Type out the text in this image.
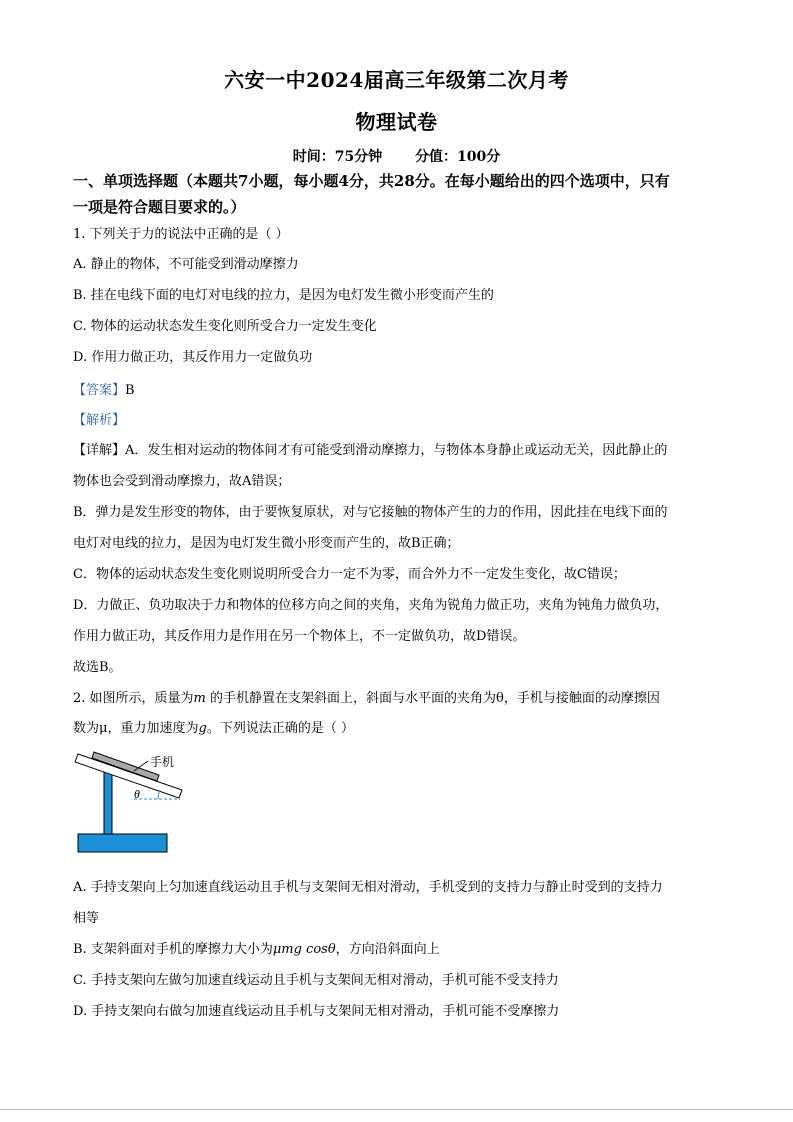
六安一中2024届高三年级第二次月考
物理试卷
时间：75分钟 分值：100分
一、单项选择题（本题共7小题，每小题4分，共28分。在每小题给出的四个选项中，只有
一项是符合题目要求的。）
1. 下列关于力的说法中正确的是（ ）
A. 静止的物体，不可能受到滑动摩擦力
B. 挂在电线下面的电灯对电线的拉力，是因为电灯发生微小形变而产生的
C. 物体的运动状态发生变化则所受合力一定发生变化
D. 作用力做正功，其反作用力一定做负功
【答案】B
【解析】
【详解】A．发生相对运动的物体间才有可能受到滑动摩擦力，与物体本身静止或运动无关，因此静止的
物体也会受到滑动摩擦力，故A错误；
B．弹力是发生形变的物体，由于要恢复原状，对与它接触的物体产生的力的作用，因此挂在电线下面的
电灯对电线的拉力，是因为电灯发生微小形变而产生的，故B正确；
C．物体的运动状态发生变化则说明所受合力一定不为零，而合外力不一定发生变化，故C错误；
D．力做正、负功取决于力和物体的位移方向之间的夹角，夹角为锐角力做正功，夹角为钝角力做负功，
作用力做正功，其反作用力是作用在另一个物体上，不一定做负功，故D错误。
故选B。
2. 如图所示，质量为m 的手机静置在支架斜面上，斜面与水平面的夹角为θ，手机与接触面的动摩擦因
数为μ，重力加速度为g。下列说法正确的是（ ）
手机
θ
A. 手持支架向上匀加速直线运动且手机与支架间无相对滑动，手机受到的支持力与静止时受到的支持力
相等
B. 支架斜面对手机的摩擦力大小为μmg cosθ，方向沿斜面向上
C. 手持支架向左做匀加速直线运动且手机与支架间无相对滑动，手机可能不受支持力
D. 手持支架向右做匀加速直线运动且手机与支架间无相对滑动，手机可能不受摩擦力
